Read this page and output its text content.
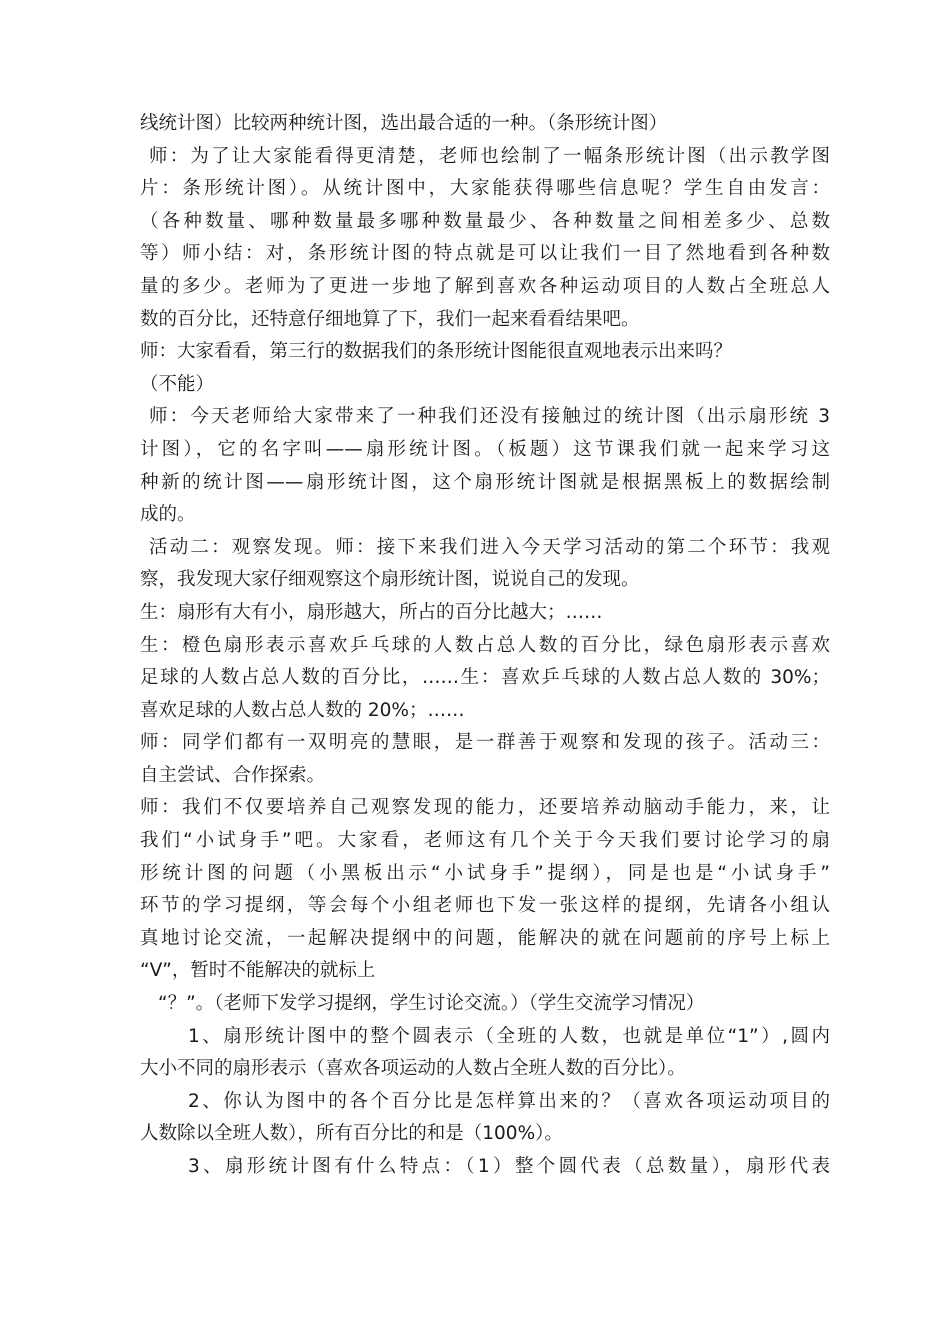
线统计图）比较两种统计图，选出最合适的一种。（条形统计图）
师：为了让大家能看得更清楚，老师也绘制了一幅条形统计图（出示教学图
片：条形统计图）。从统计图中，大家能获得哪些信息呢？学生自由发言：
（各种数量、哪种数量最多哪种数量最少、各种数量之间相差多少、总数
等）师小结：对，条形统计图的特点就是可以让我们一目了然地看到各种数
量的多少。老师为了更进一步地了解到喜欢各种运动项目的人数占全班总人
数的百分比，还特意仔细地算了下，我们一起来看看结果吧。
师：大家看看，第三行的数据我们的条形统计图能很直观地表示出来吗？
（不能）
师：今天老师给大家带来了一种我们还没有接触过的统计图（出示扇形统 3
计图），它的名字叫——扇形统计图。（板题）这节课我们就一起来学习这
种新的统计图——扇形统计图，这个扇形统计图就是根据黑板上的数据绘制
成的。
活动二：观察发现。师：接下来我们进入今天学习活动的第二个环节：我观
察，我发现大家仔细观察这个扇形统计图，说说自己的发现。
生：扇形有大有小，扇形越大，所占的百分比越大；……
生：橙色扇形表示喜欢乒乓球的人数占总人数的百分比，绿色扇形表示喜欢
足球的人数占总人数的百分比，……生：喜欢乒乓球的人数占总人数的 30%；
喜欢足球的人数占总人数的 20%；……
师：同学们都有一双明亮的慧眼，是一群善于观察和发现的孩子。活动三：
自主尝试、合作探索。
师：我们不仅要培养自己观察发现的能力，还要培养动脑动手能力，来，让
我们“小试身手”吧。大家看，老师这有几个关于今天我们要讨论学习的扇
形统计图的问题（小黑板出示“小试身手”提纲），同是也是“小试身手”
环节的学习提纲，等会每个小组老师也下发一张这样的提纲，先请各小组认
真地讨论交流，一起解决提纲中的问题，能解决的就在问题前的序号上标上
“V”，暂时不能解决的就标上
“？”。（老师下发学习提纲，学生讨论交流。）（学生交流学习情况）
1、扇形统计图中的整个圆表示（全班的人数，也就是单位“1”）,圆内
大小不同的扇形表示（喜欢各项运动的人数占全班人数的百分比）。
2、你认为图中的各个百分比是怎样算出来的？（喜欢各项运动项目的
人数除以全班人数），所有百分比的和是（100%）。
3、扇形统计图有什么特点：（1）整个圆代表（总数量），扇形代表
